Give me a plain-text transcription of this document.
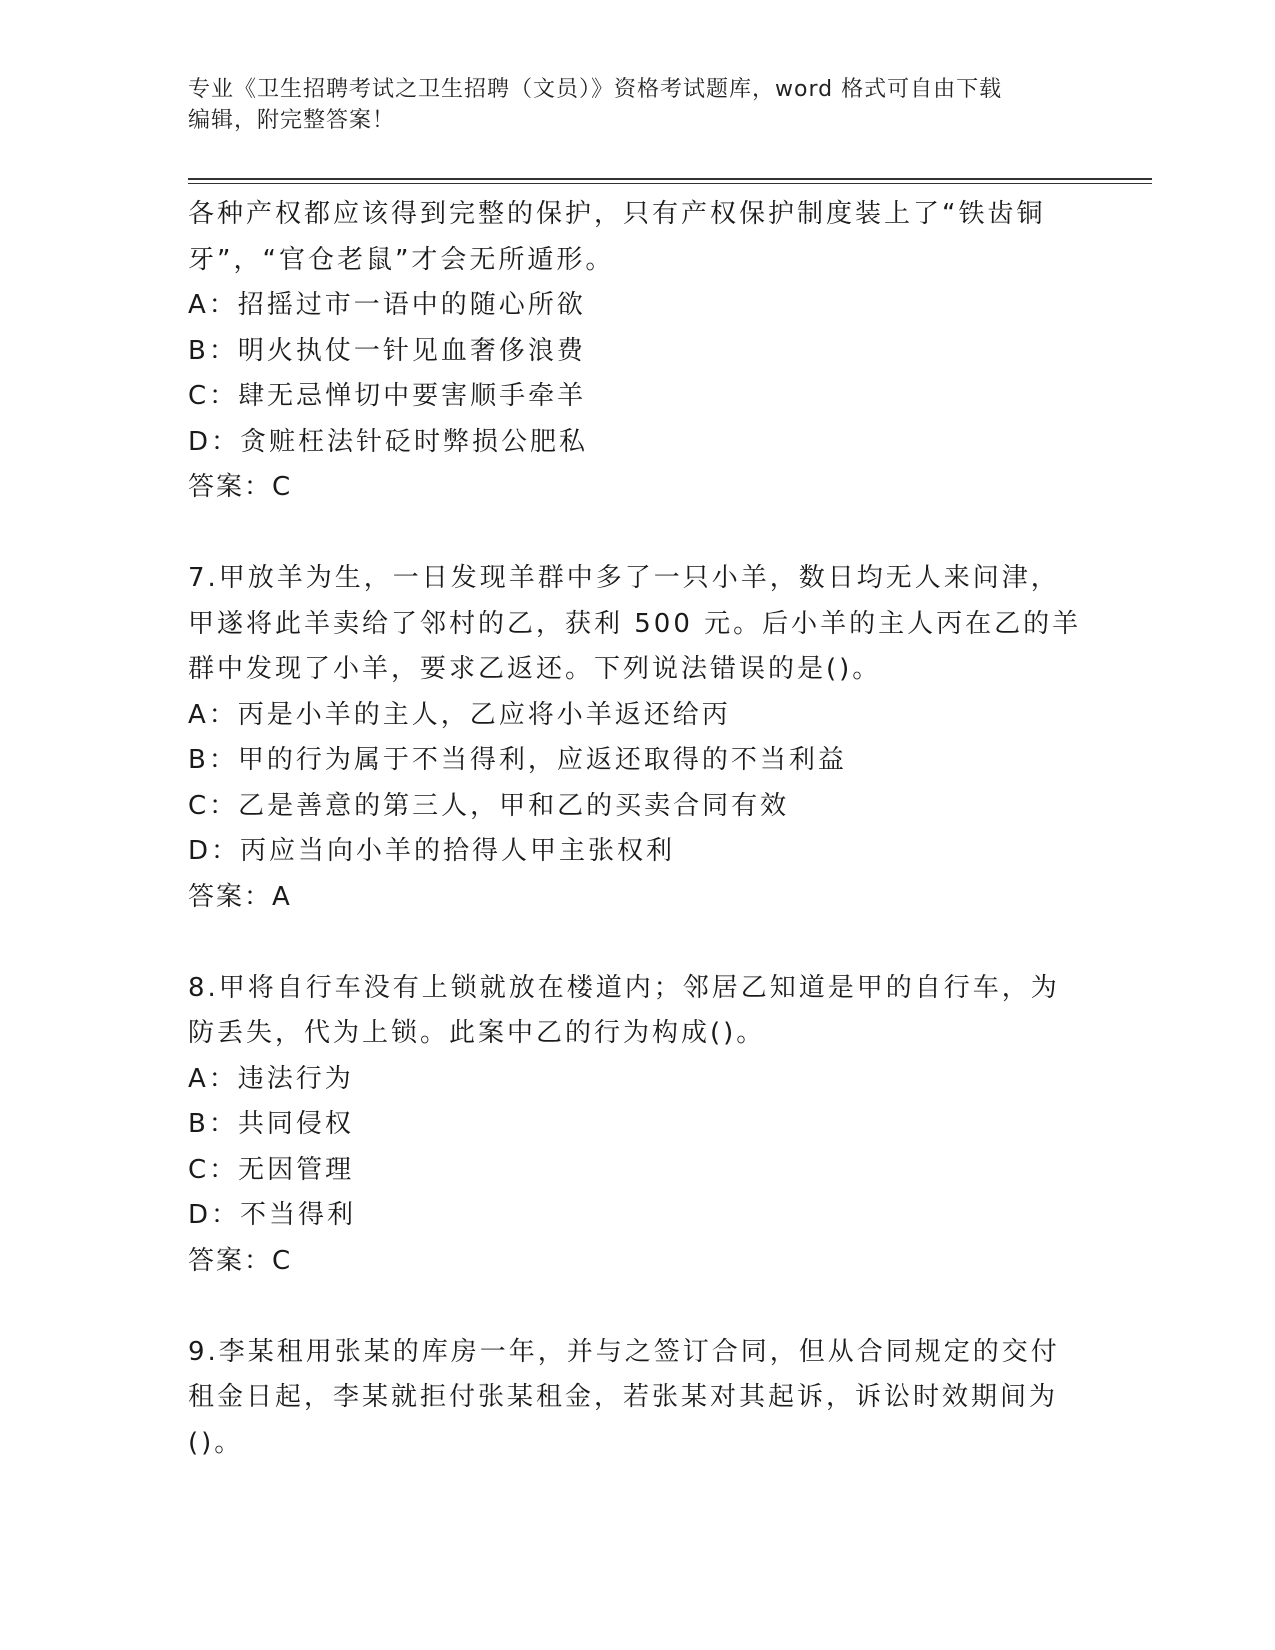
专业《卫生招聘考试之卫生招聘（文员）》资格考试题库，word 格式可自由下载
编辑，附完整答案！
各种产权都应该得到完整的保护，只有产权保护制度装上了“铁齿铜
牙”，“官仓老鼠”才会无所遁形。
A：招摇过市一语中的随心所欲
B：明火执仗一针见血奢侈浪费
C：肆无忌惮切中要害顺手牵羊
D：贪赃枉法针砭时弊损公肥私
答案：C
7.甲放羊为生，一日发现羊群中多了一只小羊，数日均无人来问津，
甲遂将此羊卖给了邻村的乙，获利 500 元。后小羊的主人丙在乙的羊
群中发现了小羊，要求乙返还。下列说法错误的是()。
A：丙是小羊的主人，乙应将小羊返还给丙
B：甲的行为属于不当得利，应返还取得的不当利益
C：乙是善意的第三人，甲和乙的买卖合同有效
D：丙应当向小羊的拾得人甲主张权利
答案：A
8.甲将自行车没有上锁就放在楼道内；邻居乙知道是甲的自行车，为
防丢失，代为上锁。此案中乙的行为构成()。
A：违法行为
B：共同侵权
C：无因管理
D：不当得利
答案：C
9.李某租用张某的库房一年，并与之签订合同，但从合同规定的交付
租金日起，李某就拒付张某租金，若张某对其起诉，诉讼时效期间为
()。
